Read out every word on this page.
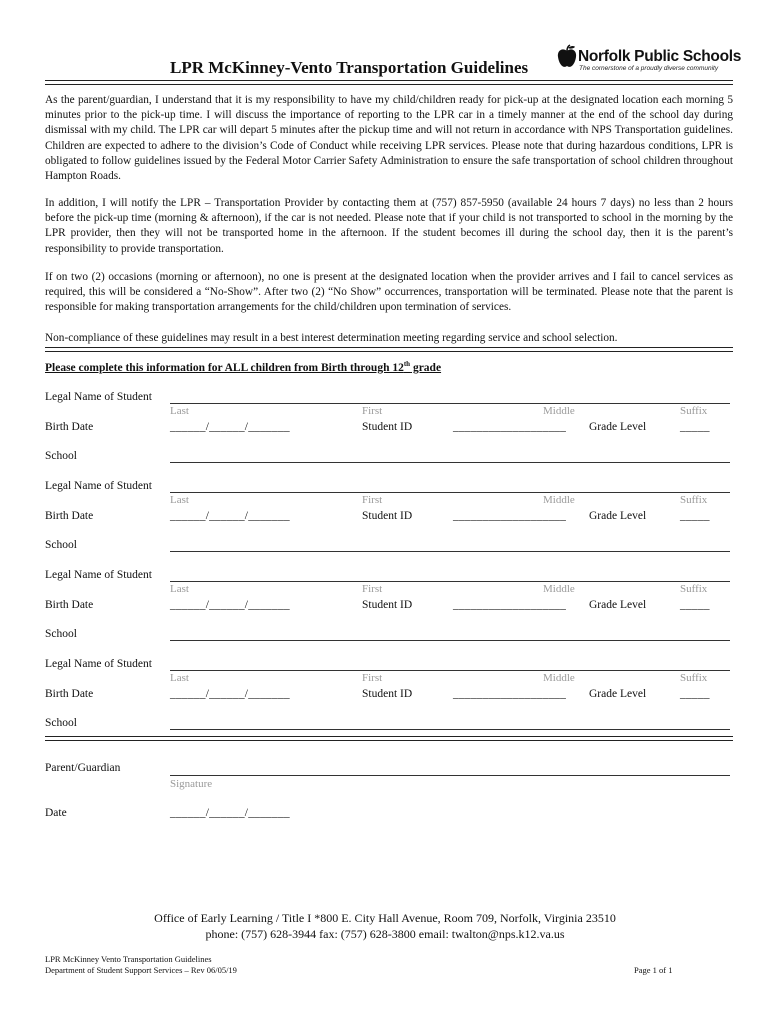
LPR McKinney-Vento Transportation Guidelines
Norfolk Public Schools
The cornerstone of a proudly diverse community

As the parent/guardian, I understand that it is my responsibility to have my child/children ready for pick-up at the designated location each morning 5 minutes prior to the pick-up time. I will discuss the importance of reporting to the LPR car in a timely manner at the end of the school day during dismissal with my child. The LPR car will depart 5 minutes after the pickup time and will not return in accordance with NPS Transportation guidelines. Children are expected to adhere to the division’s Code of Conduct while receiving LPR services. Please note that during hazardous conditions, LPR is obligated to follow guidelines issued by the Federal Motor Carrier Safety Administration to ensure the safe transportation of school children throughout Hampton Roads.

In addition, I will notify the LPR – Transportation Provider by contacting them at (757) 857-5950 (available 24 hours 7 days) no less than 2 hours before the pick-up time (morning & afternoon), if the car is not needed. Please note that if your child is not transported to school in the morning by the LPR provider, then they will not be transported home in the afternoon. If the student becomes ill during the school day, then it is the parent’s responsibility to provide transportation.

If on two (2) occasions (morning or afternoon), no one is present at the designated location when the provider arrives and I fail to cancel services as required, this will be considered a “No-Show”. After two (2) “No Show” occurrences, transportation will be terminated. Please note that the parent is responsible for making transportation arrangements for the child/children upon termination of services.

Non-compliance of these guidelines may result in a best interest determination meeting regarding service and school selection.

Please complete this information for ALL children from Birth through 12th grade
Legal Name of Student
Last	First	Middle	Suffix
Birth Date	______/______/_______	Student ID	___________________ Grade Level	_____
School
Legal Name of Student
Last	First	Middle	Suffix
Birth Date	______/______/_______	Student ID	___________________ Grade Level	_____
School
Legal Name of Student
Last	First	Middle	Suffix
Birth Date	______/______/_______	Student ID	___________________ Grade Level	_____
School
Legal Name of Student
Last	First	Middle	Suffix
Birth Date	______/______/_______	Student ID	___________________ Grade Level	_____
School
Parent/Guardian
Signature
Date	______/______/_______
Office of Early Learning / Title I *800 E. City Hall Avenue, Room 709, Norfolk, Virginia 23510
phone: (757) 628-3944 fax: (757) 628-3800 email: twalton@nps.k12.va.us
LPR McKinney Vento Transportation Guidelines
Department of Student Support Services – Rev 06/05/19	Page 1 of 1
